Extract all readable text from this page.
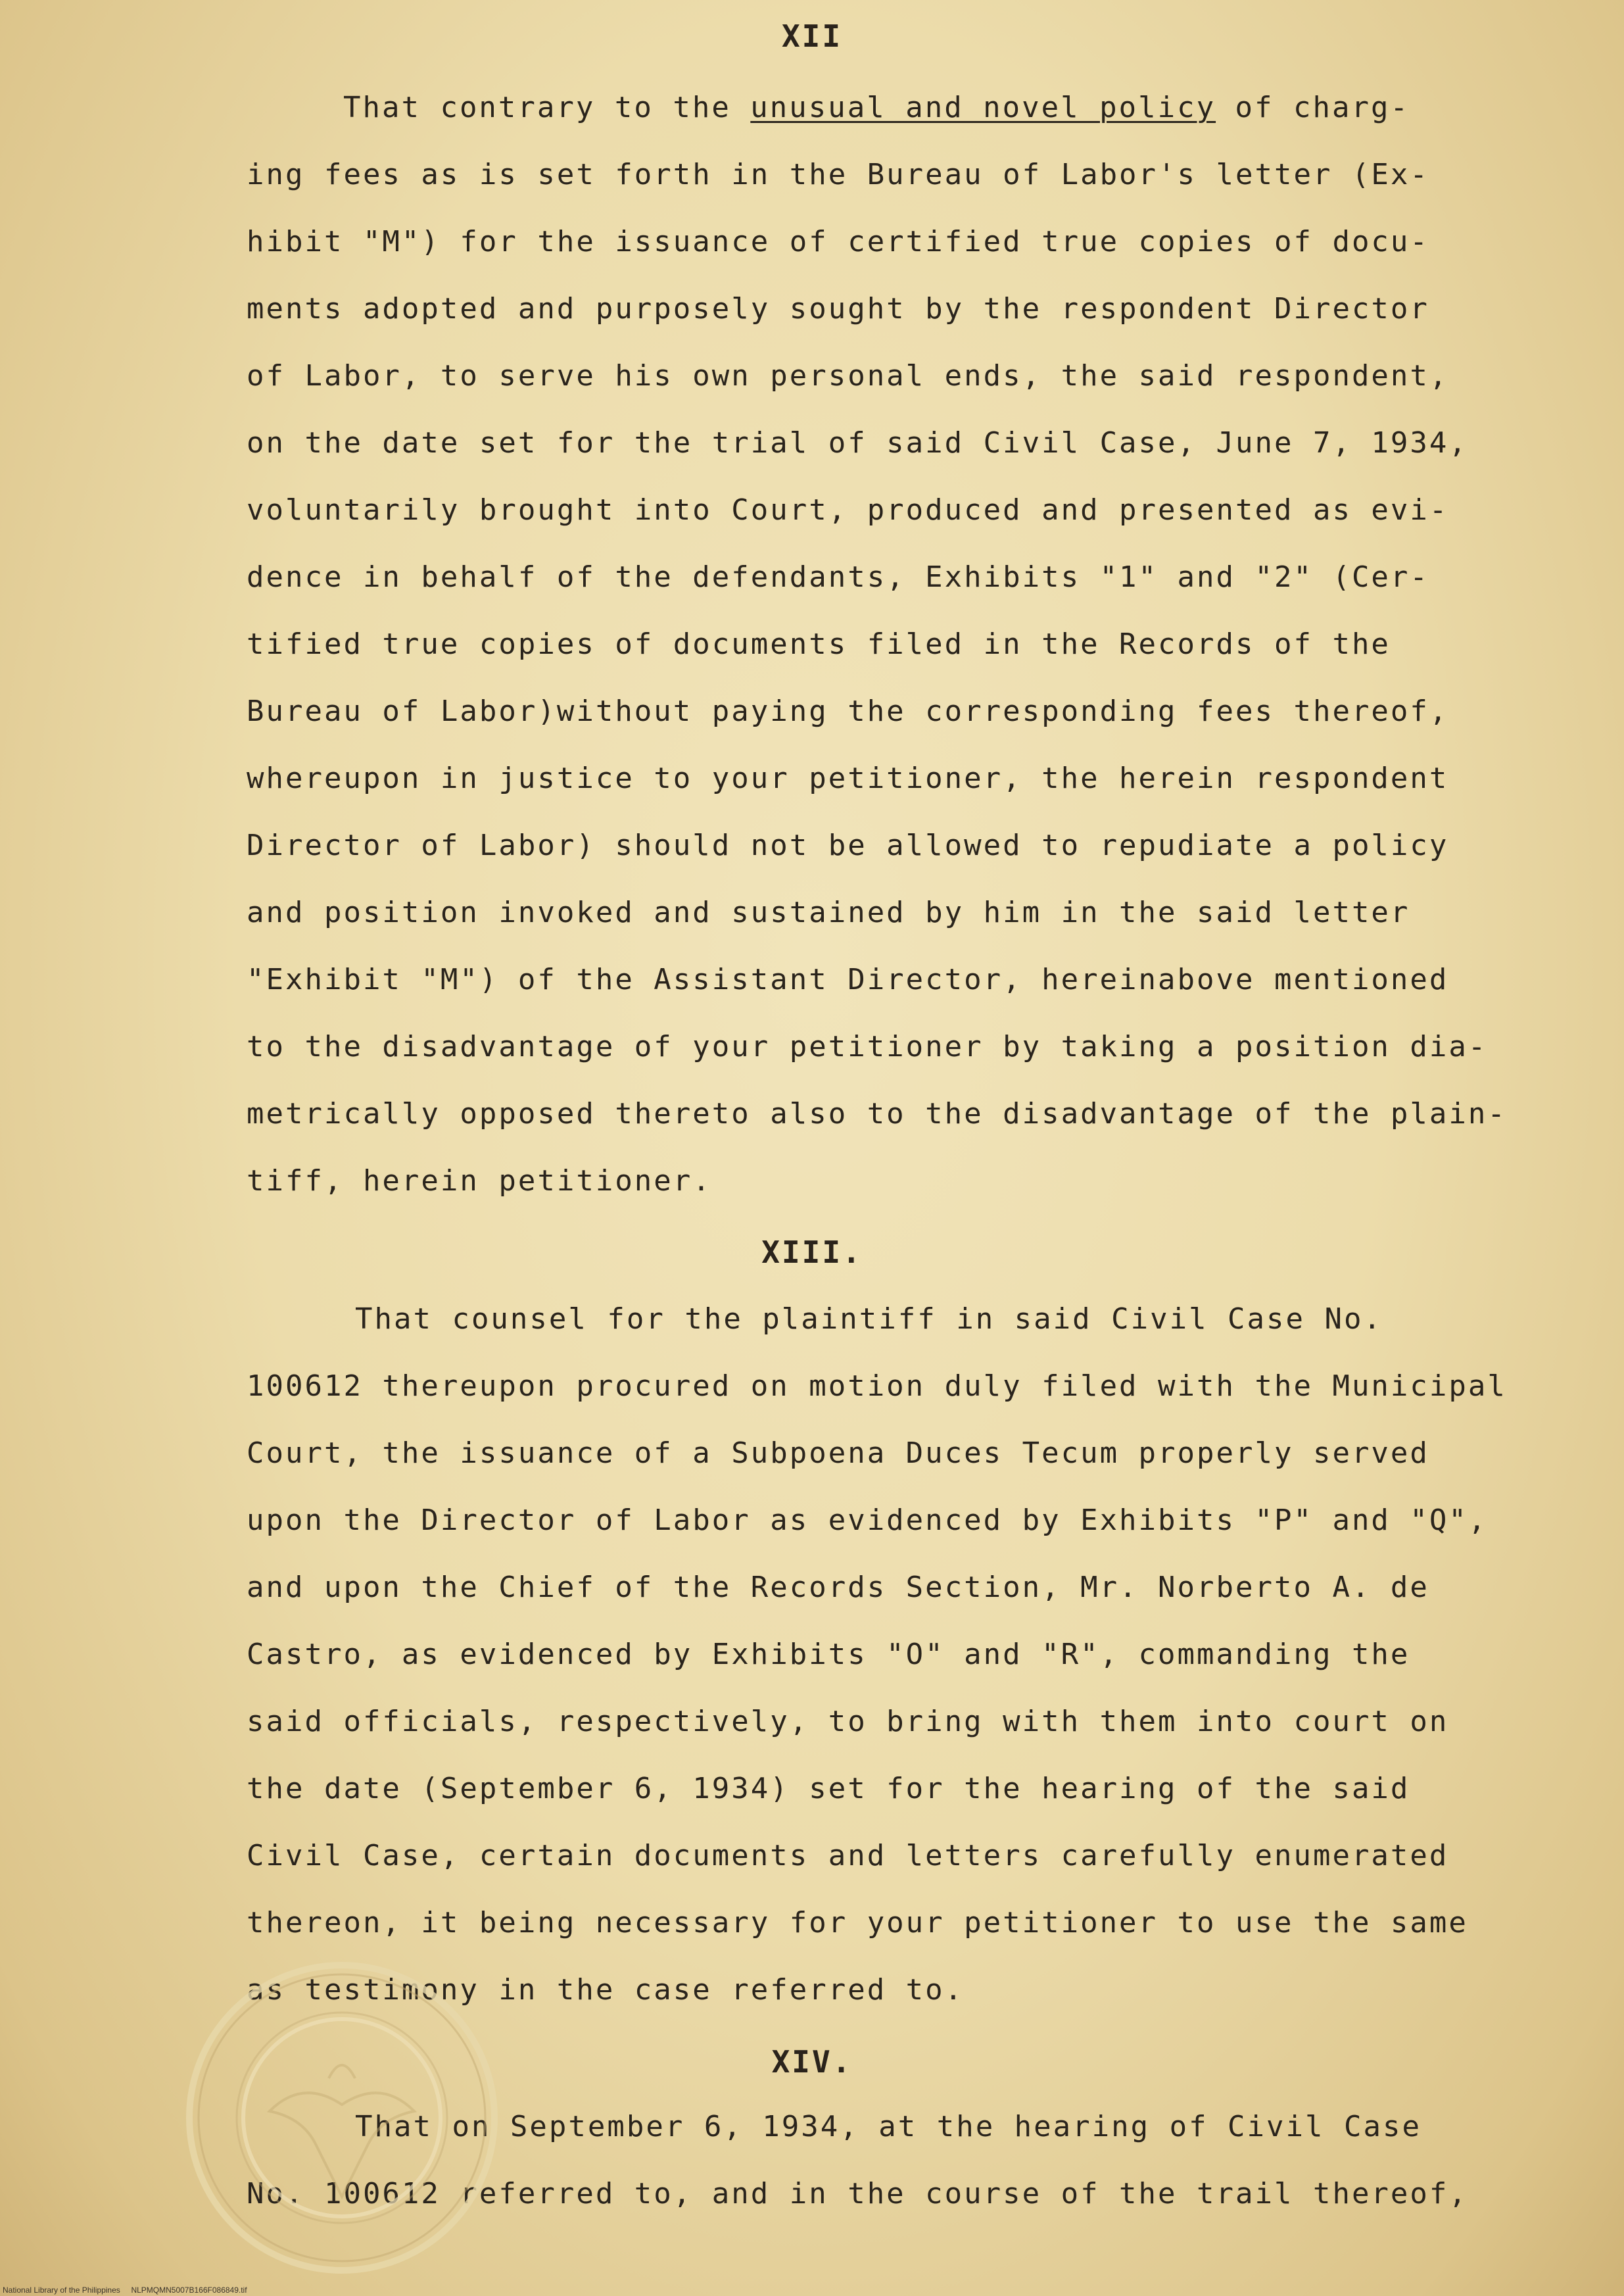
XII
That contrary to the unusual and novel policy of charg-
ing fees as is set forth in the Bureau of Labor's letter (Ex-
hibit "M") for the issuance of certified true copies of docu-
ments adopted and purposely sought by the respondent Director
of Labor, to serve his own personal ends, the said respondent,
on the date set for the trial of said Civil Case, June 7, 1934,
voluntarily brought into Court, produced and presented as evi-
dence in behalf of the defendants, Exhibits "1" and "2" (Cer-
tified true copies of documents filed in the Records of the
Bureau of Labor)without paying the corresponding fees thereof,
whereupon in justice to your petitioner, the herein respondent
Director of Labor) should not be allowed to repudiate a policy
and position invoked and sustained by him in the said letter
"Exhibit "M") of the Assistant Director, hereinabove mentioned
to the disadvantage of your petitioner by taking a position dia-
metrically opposed thereto also to the disadvantage of the plain-
tiff, herein petitioner.
XIII.
That counsel for the plaintiff in said Civil Case No.
100612 thereupon procured on motion duly filed with the Municipal
Court, the issuance of a Subpoena Duces Tecum properly served
upon the Director of Labor as evidenced by Exhibits "P" and "Q",
and upon the Chief of the Records Section, Mr. Norberto A. de
Castro, as evidenced by Exhibits "O" and "R", commanding the
said officials, respectively, to bring with them into court on
the date (September 6, 1934) set for the hearing of the said
Civil Case, certain documents and letters carefully enumerated
thereon, it being necessary for your petitioner to use the same
as testimony in the case referred to.
XIV.
That on September 6, 1934, at the hearing of Civil Case
No. 100612 referred to, and in the course of the trail thereof,
National Library of the Philippines NLPMQMN5007B166F086849.tif
